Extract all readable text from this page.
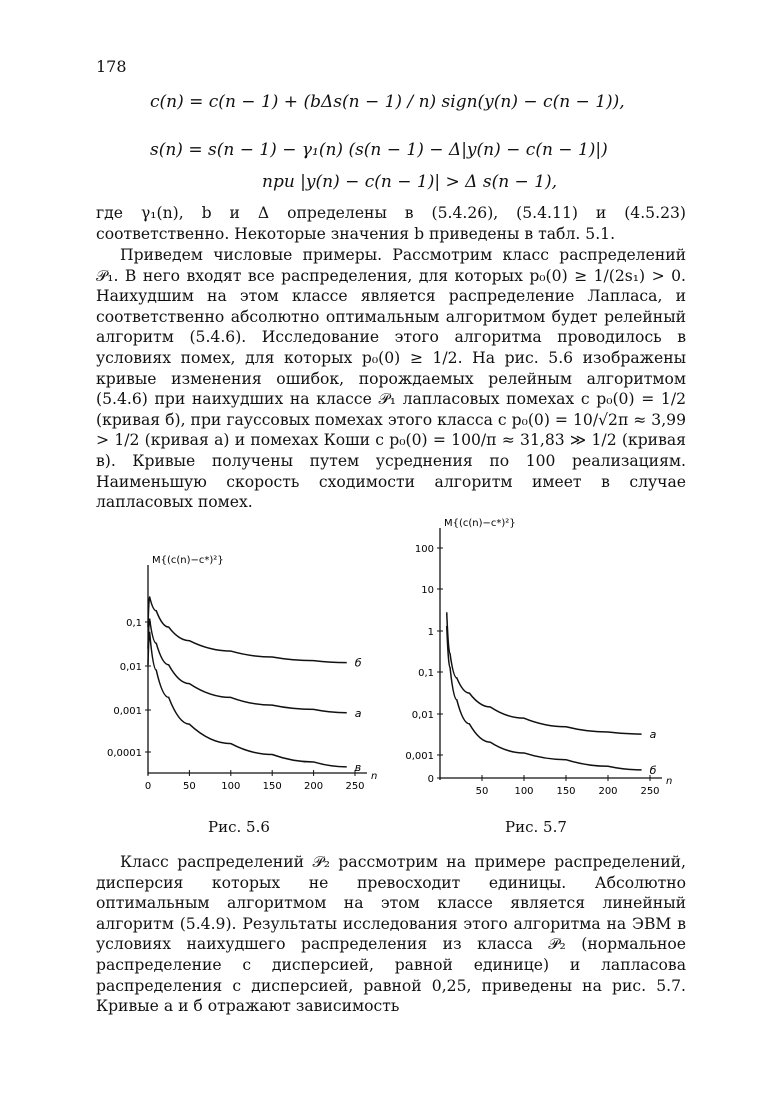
178
c(n) = c(n − 1) + (bΔs(n − 1) / n) sign(y(n) − c(n − 1)),
s(n) = s(n − 1) − γ₁(n) (s(n − 1) − Δ|y(n) − c(n − 1)|)
при |y(n) − c(n − 1)| > Δ s(n − 1),

где γ₁(n), b и Δ определены в (5.4.26), (5.4.11) и (4.5.23) соответственно. Некоторые значения b приведены в табл. 5.1.

Приведем числовые примеры. Рассмотрим класс распределений 𝒫₁. В него входят все распределения, для которых p₀(0) ≥ 1/(2s₁) > 0. Наихудшим на этом классе является распределение Лапласа, и соответственно абсолютно оптимальным алгоритмом будет релейный алгоритм (5.4.6). Исследование этого алгоритма проводилось в условиях помех, для которых p₀(0) ≥ 1/2. На рис. 5.6 изображены кривые изменения ошибок, порождаемых релейным алгоритмом (5.4.6) при наихудших на классе 𝒫₁ лапласовых помехах с p₀(0) = 1/2 (кривая б), при гауссовых помехах этого класса с p₀(0) = 10/√2π ≈ 3,99 > 1/2 (кривая а) и помехах Коши с p₀(0) = 100/π ≈ 31,83 ≫ 1/2 (кривая в). Кривые получены путем усреднения по 100 реализациям. Наименьшую скорость сходимости алгоритм имеет в случае лапласовых помех.

M{(c(n)−c*)²}
n
0	50	100 150 200 250
0,1
0,01
0,001
0,0001
б
а
в
Рис. 5.6
M{(c(n)−c*)²}
n
50	100 150 200 250
100
10
1
0,1
0,01
0,001
0
а
б
Рис. 5.7

Класс распределений 𝒫₂ рассмотрим на примере распределений, дисперсия которых не превосходит единицы. Абсолютно оптимальным алгоритмом на этом классе является линейный алгоритм (5.4.9). Результаты исследования этого алгоритма на ЭВМ в условиях наихудшего распределения из класса 𝒫₂ (нормальное распределение с дисперсией, равной единице) и лапласова распределения с дисперсией, равной 0,25, приведены на рис. 5.7. Кривые а и б отражают зависимость
